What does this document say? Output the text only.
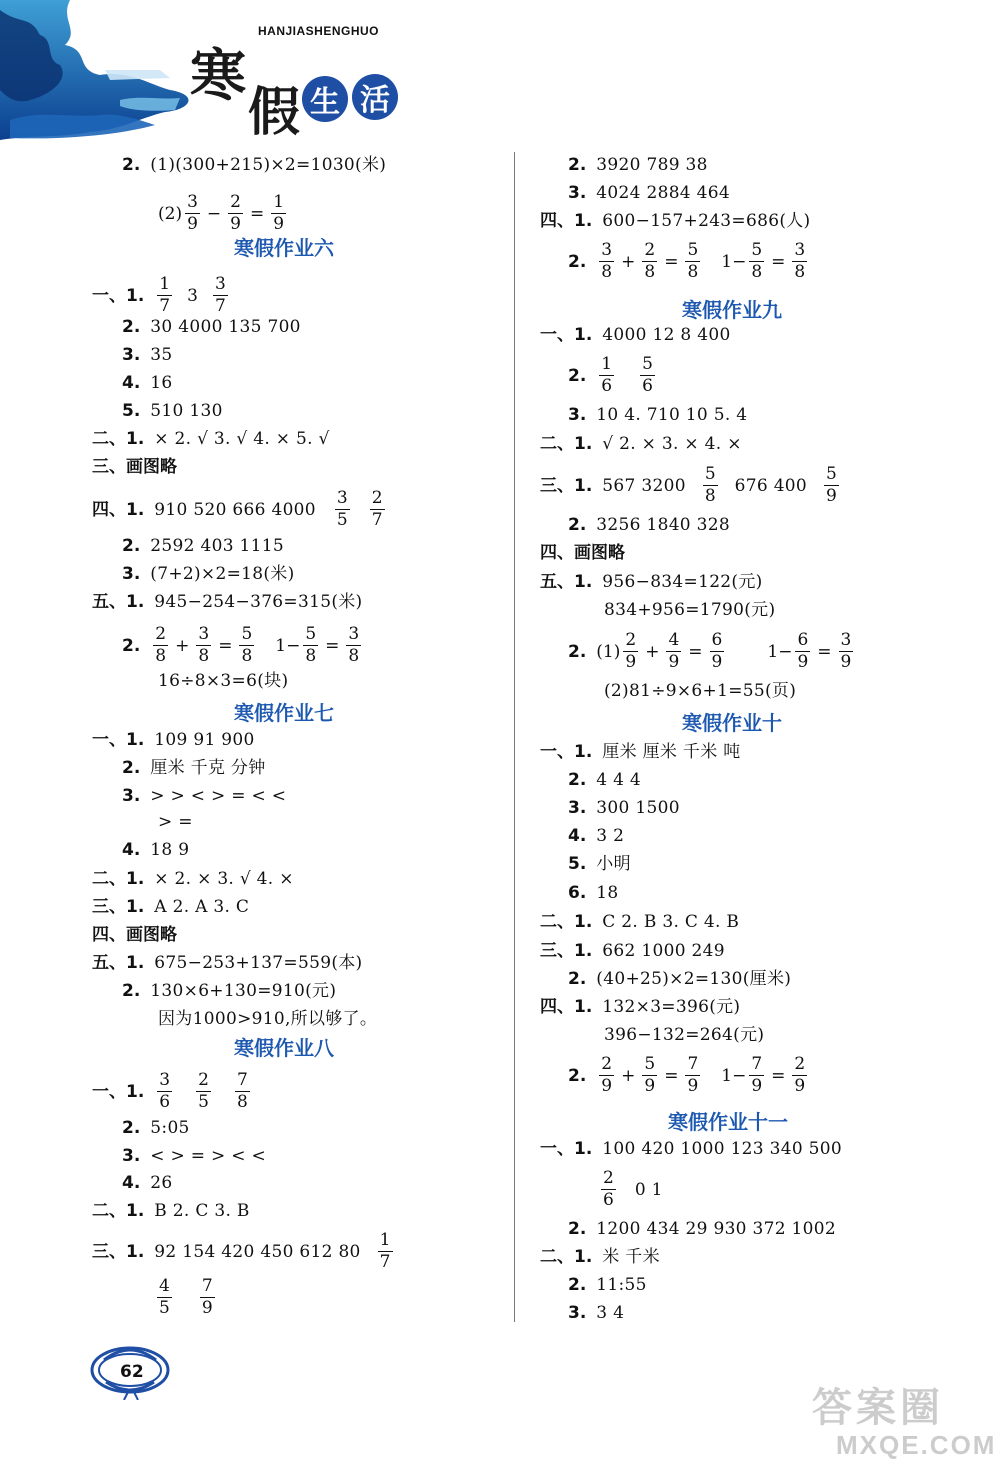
HANJIASHENGHUO
寒
假 生 活
2. (1)(300+215)×2=1030(米)
$(2) \frac{3}{9} - \frac{2}{9} = \frac{1}{9}$
寒假作业六
一、1. $\frac{1}{7} 3 \frac{3}{7}$
2. 30 4000 135 700
3. 35
4. 16
5. 510 130
二、1. × 2. √ 3. √ 4. × 5. √
三、画图略
四、1. 910 520 666 $4000 \frac{3}{5} \frac{2}{7}$
2. 2592 403 1115
3. (7+2)×2=18(米)
五、1. 945−254−376=315(米)
2. $\frac{2}{8} + \frac{3}{8} = \frac{5}{8} 1- \frac{5}{8} = \frac{3}{8}$
16÷8×3=6(块)
寒假作业七
一、1. 109 91 900
2. 厘米 千克 分钟
3. > > < > = < <
> =
4. 18 9
二、1. × 2. × 3. √ 4. ×
三、1. A 2. A 3. C
四、画图略
五、1. 675−253+137=559(本)
2. 130×6+130=910(元)
因为1000>910,所以够了。
寒假作业八
一、1. $\frac{3}{6} \frac{2}{5} \frac{7}{8}$
2. 5:05
3. < > = > < <
4. 26
二、1. B 2. C 3. B
三、1. 92 154 420 450 612 $80 \frac{1}{7}$
$\frac{4}{5} \frac{7}{9}$
2. 3920 789 38
3. 4024 2884 464
四、1. 600−157+243=686(人)
2. $\frac{3}{8} + \frac{2}{8} = \frac{5}{8} 1- \frac{5}{8} = \frac{3}{8}$
寒假作业九
一、1. 4000 12 8 400
2. $\frac{1}{6} \frac{5}{6}$
3. 10 4. 710 10 5. 4
二、1. √ 2. × 3. × 4. ×
三、1. 567 $3200 \frac{5}{8} 676$ $400 \frac{5}{9}$
2. 3256 1840 328
四、画图略
五、1. 956−834=122(元)
834+956=1790(元)
2. $(1) \frac{2}{9} + \frac{4}{9} = \frac{6}{9}$	$1- \frac{6}{9} = \frac{3}{9}$
(2)81÷9×6+1=55(页)
寒假作业十
一、1. 厘米 厘米 千米 吨
2. 4 4 4
3. 300 1500
4. 3 2
5. 小明
6. 18
二、1. C 2. B 3. C 4. B
三、1. 662 1000 249
2. (40+25)×2=130(厘米)
四、1. 132×3=396(元)
396−132=264(元)
2. $\frac{2}{9} + \frac{5}{9} = \frac{7}{9} 1- \frac{7}{9} = \frac{2}{9}$
寒假作业十一
一、1. 100 420 1000 123 340 500
$\frac{2}{6} 0$ 1
2. 1200 434 29 930 372 1002
二、1. 米 千米
2. 11:55
3. 3 4
62
答案圈
MXQE.COM
